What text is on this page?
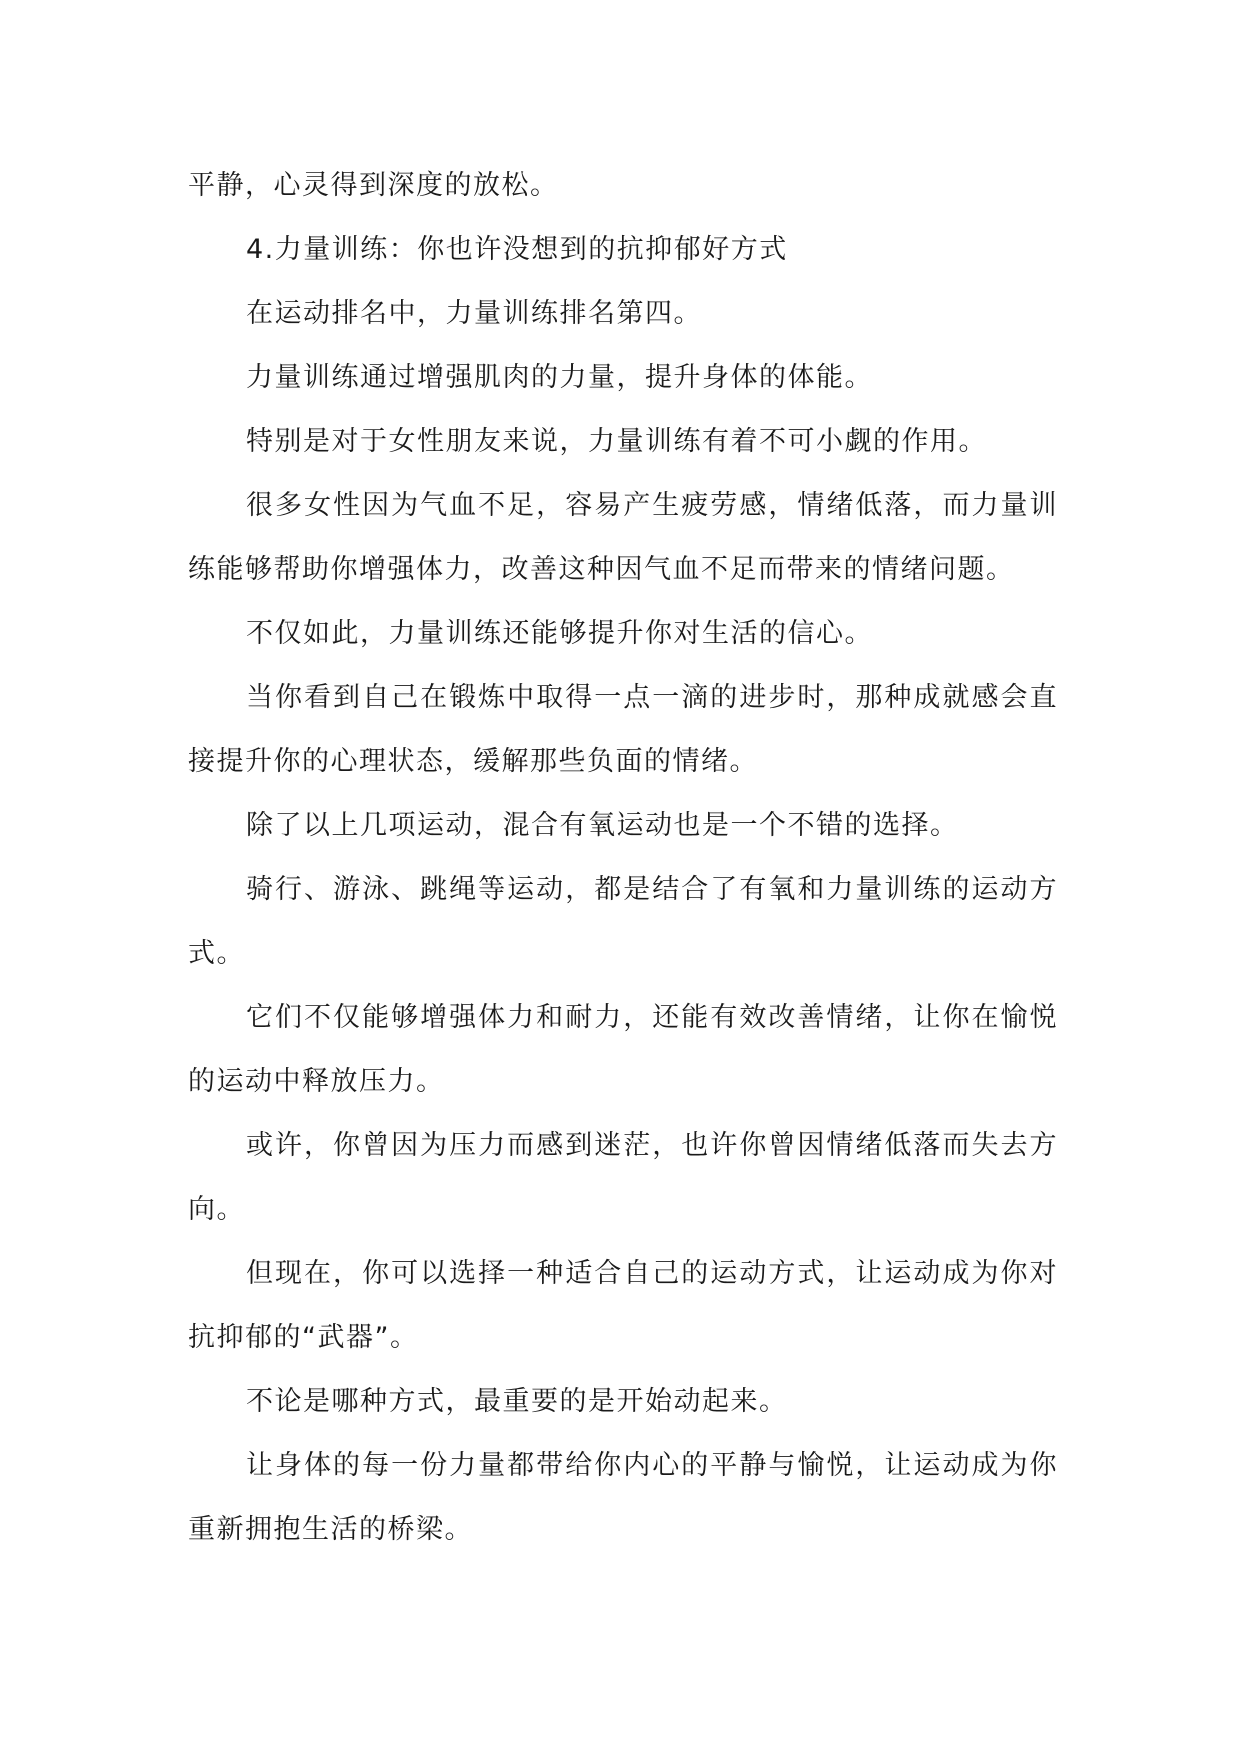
平静，心灵得到深度的放松。

4.力量训练：你也许没想到的抗抑郁好方式

在运动排名中，力量训练排名第四。

力量训练通过增强肌肉的力量，提升身体的体能。

特别是对于女性朋友来说，力量训练有着不可小觑的作用。

很多女性因为气血不足，容易产生疲劳感，情绪低落，而力量训练能够帮助你增强体力，改善这种因气血不足而带来的情绪问题。

不仅如此，力量训练还能够提升你对生活的信心。

当你看到自己在锻炼中取得一点一滴的进步时，那种成就感会直接提升你的心理状态，缓解那些负面的情绪。

除了以上几项运动，混合有氧运动也是一个不错的选择。

骑行、游泳、跳绳等运动，都是结合了有氧和力量训练的运动方式。

它们不仅能够增强体力和耐力，还能有效改善情绪，让你在愉悦的运动中释放压力。

或许，你曾因为压力而感到迷茫，也许你曾因情绪低落而失去方向。

但现在，你可以选择一种适合自己的运动方式，让运动成为你对抗抑郁的“武器”。

不论是哪种方式，最重要的是开始动起来。

让身体的每一份力量都带给你内心的平静与愉悦，让运动成为你重新拥抱生活的桥梁。
